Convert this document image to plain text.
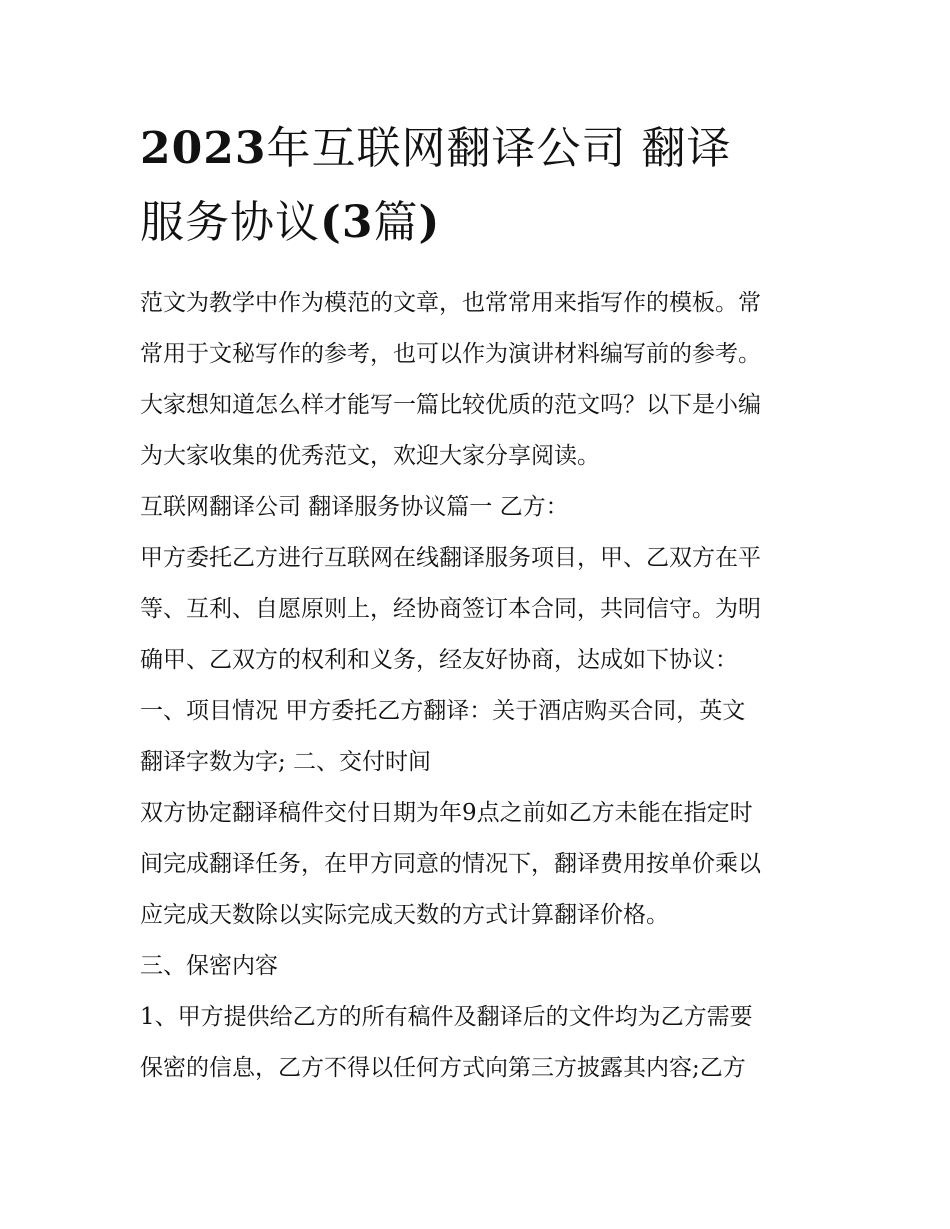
2023年互联网翻译公司 翻译
服务协议(3篇)
范文为教学中作为模范的文章，也常常用来指写作的模板。常
常用于文秘写作的参考，也可以作为演讲材料编写前的参考。
大家想知道怎么样才能写一篇比较优质的范文吗？以下是小编
为大家收集的优秀范文，欢迎大家分享阅读。
互联网翻译公司 翻译服务协议篇一 乙方：
甲方委托乙方进行互联网在线翻译服务项目，甲、乙双方在平
等、互利、自愿原则上，经协商签订本合同，共同信守。为明
确甲、乙双方的权利和义务，经友好协商，达成如下协议：
一、项目情况 甲方委托乙方翻译：关于酒店购买合同，英文
翻译字数为字; 二、交付时间
双方协定翻译稿件交付日期为年9点之前如乙方未能在指定时
间完成翻译任务，在甲方同意的情况下，翻译费用按单价乘以
应完成天数除以实际完成天数的方式计算翻译价格。
三、保密内容
1、甲方提供给乙方的所有稿件及翻译后的文件均为乙方需要
保密的信息，乙方不得以任何方式向第三方披露其内容;乙方
